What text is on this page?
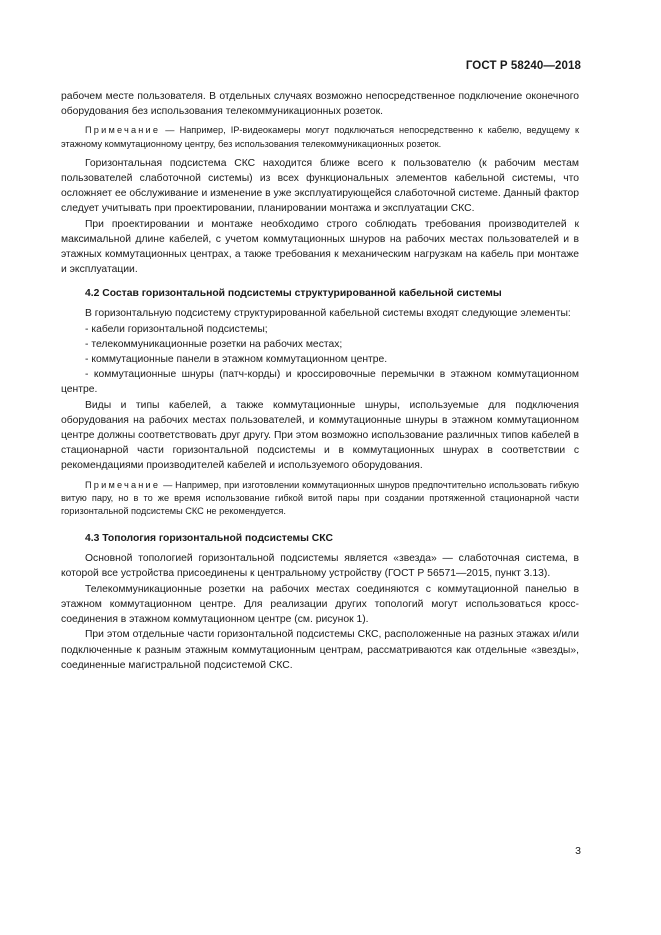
ГОСТ Р 58240—2018

рабочем месте пользователя. В отдельных случаях возможно непосредственное подключение оконечного оборудования без использования телекоммуникационных розеток.

Примечание — Например, IP-видеокамеры могут подключаться непосредственно к кабелю, ведущему к этажному коммутационному центру, без использования телекоммуникационных розеток.

Горизонтальная подсистема СКС находится ближе всего к пользователю (к рабочим местам пользователей слаботочной системы) из всех функциональных элементов кабельной системы, что осложняет ее обслуживание и изменение в уже эксплуатирующейся слаботочной системе. Данный фактор следует учитывать при проектировании, планировании монтажа и эксплуатации СКС.

При проектировании и монтаже необходимо строго соблюдать требования производителей к максимальной длине кабелей, с учетом коммутационных шнуров на рабочих местах пользователей и в этажных коммутационных центрах, а также требования к механическим нагрузкам на кабель при монтаже и эксплуатации.

4.2 Состав горизонтальной подсистемы структурированной кабельной системы

В горизонтальную подсистему структурированной кабельной системы входят следующие элементы:

- кабели горизонтальной подсистемы;

- телекоммуникационные розетки на рабочих местах;

- коммутационные панели в этажном коммутационном центре.

- коммутационные шнуры (патч-корды) и кроссировочные перемычки в этажном коммутационном центре.

Виды и типы кабелей, а также коммутационные шнуры, используемые для подключения оборудования на рабочих местах пользователей, и коммутационные шнуры в этажном коммутационном центре должны соответствовать друг другу. При этом возможно использование различных типов кабелей в стационарной части горизонтальной подсистемы и в коммутационных шнурах в соответствии с рекомендациями производителей кабелей и используемого оборудования.

Примечание — Например, при изготовлении коммутационных шнуров предпочтительно использовать гибкую витую пару, но в то же время использование гибкой витой пары при создании протяженной стационарной части горизонтальной подсистемы СКС не рекомендуется.

4.3 Топология горизонтальной подсистемы СКС

Основной топологией горизонтальной подсистемы является «звезда» — слаботочная система, в которой все устройства присоединены к центральному устройству (ГОСТ Р 56571—2015, пункт 3.13).

Телекоммуникационные розетки на рабочих местах соединяются с коммутационной панелью в этажном коммутационном центре. Для реализации других топологий могут использоваться кросс-соединения в этажном коммутационном центре (см. рисунок 1).

При этом отдельные части горизонтальной подсистемы СКС, расположенные на разных этажах и/или подключенные к разным этажным коммутационным центрам, рассматриваются как отдельные «звезды», соединенные магистральной подсистемой СКС.

3
